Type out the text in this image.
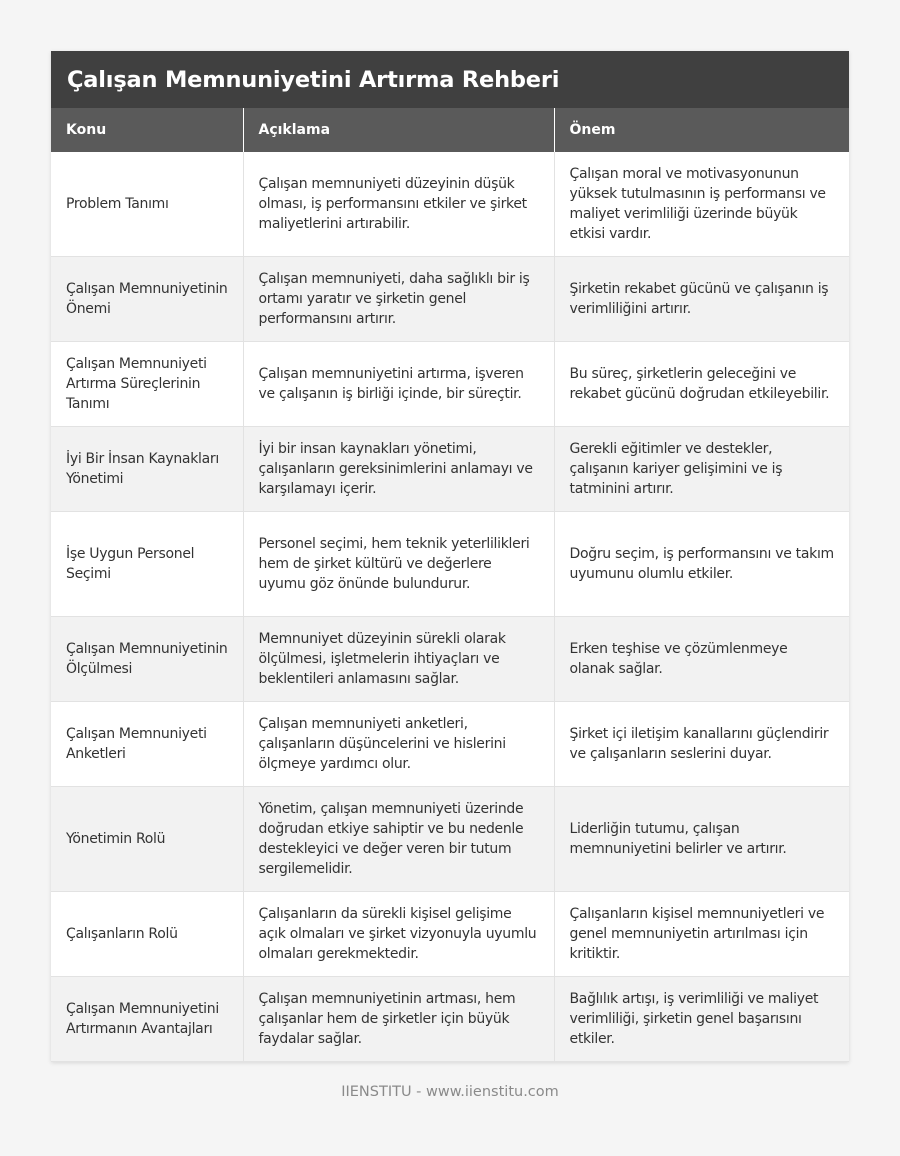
Çalışan Memnuniyetini Artırma Rehberi
Konu	Açıklama	Önem
Problem Tanımı	Çalışan memnuniyeti düzeyinin düşük olması, iş performansını etkiler ve şirket maliyetlerini artırabilir.	Çalışan moral ve motivasyonunun yüksek tutulmasının iş performansı ve maliyet verimliliği üzerinde büyük etkisi vardır.
Çalışan Memnuniyetinin Önemi	Çalışan memnuniyeti, daha sağlıklı bir iş ortamı yaratır ve şirketin genel performansını artırır.	Şirketin rekabet gücünü ve çalışanın iş verimliliğini artırır.
Çalışan Memnuniyeti Artırma Süreçlerinin Tanımı	Çalışan memnuniyetini artırma, işveren ve çalışanın iş birliği içinde, bir süreçtir.	Bu süreç, şirketlerin geleceğini ve rekabet gücünü doğrudan etkileyebilir.
İyi Bir İnsan Kaynakları Yönetimi	İyi bir insan kaynakları yönetimi, çalışanların gereksinimlerini anlamayı ve karşılamayı içerir.	Gerekli eğitimler ve destekler, çalışanın kariyer gelişimini ve iş tatminini artırır.
İşe Uygun Personel Seçimi	Personel seçimi, hem teknik yeterlilikleri hem de şirket kültürü ve değerlere uyumu göz önünde bulundurur.	Doğru seçim, iş performansını ve takım uyumunu olumlu etkiler.
Çalışan Memnuniyetinin Ölçülmesi	Memnuniyet düzeyinin sürekli olarak ölçülmesi, işletmelerin ihtiyaçları ve beklentileri anlamasını sağlar.	Erken teşhise ve çözümlenmeye olanak sağlar.
Çalışan Memnuniyeti Anketleri	Çalışan memnuniyeti anketleri, çalışanların düşüncelerini ve hislerini ölçmeye yardımcı olur.	Şirket içi iletişim kanallarını güçlendirir ve çalışanların seslerini duyar.
Yönetimin Rolü	Yönetim, çalışan memnuniyeti üzerinde doğrudan etkiye sahiptir ve bu nedenle destekleyici ve değer veren bir tutum sergilemelidir.	Liderliğin tutumu, çalışan memnuniyetini belirler ve artırır.
Çalışanların Rolü	Çalışanların da sürekli kişisel gelişime açık olmaları ve şirket vizyonuyla uyumlu olmaları gerekmektedir.	Çalışanların kişisel memnuniyetleri ve genel memnuniyetin artırılması için kritiktir.
Çalışan Memnuniyetini Artırmanın Avantajları	Çalışan memnuniyetinin artması, hem çalışanlar hem de şirketler için büyük faydalar sağlar.	Bağlılık artışı, iş verimliliği ve maliyet verimliliği, şirketin genel başarısını etkiler.
IIENSTITU - www.iienstitu.com
